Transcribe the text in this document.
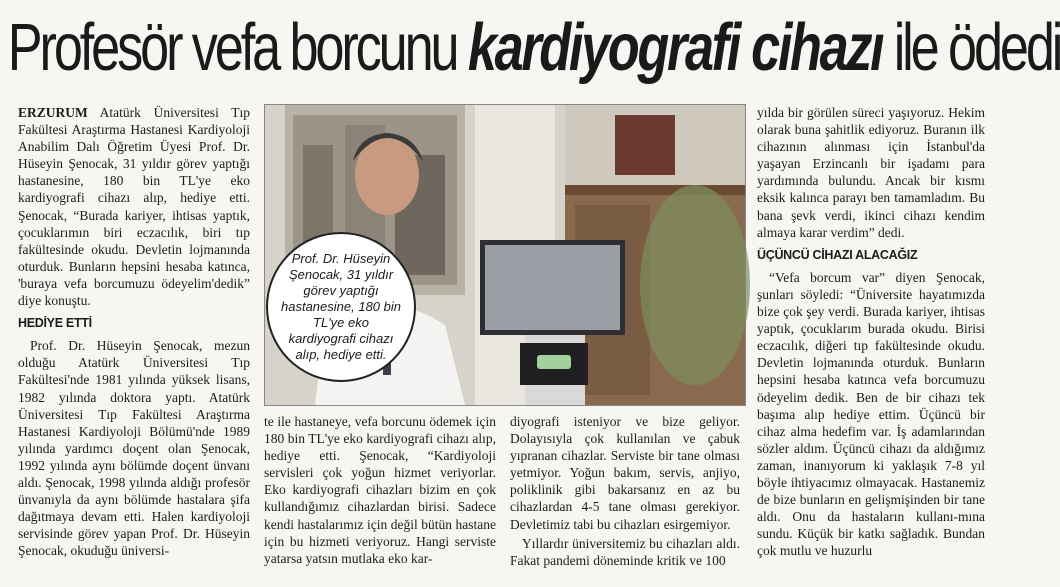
Profesör vefa borcunu kardiyografi cihazı ile ödedi

ERZURUM Atatürk Üniversitesi Tıp Fakültesi Araştırma Hastanesi Kardiyoloji Anabilim Dalı Öğretim Üyesi Prof. Dr. Hüseyin Şenocak, 31 yıldır görev yaptığı hastanesine, 180 bin TL'ye eko kardiyografi cihazı alıp, hediye etti. Şenocak, “Burada kariyer, ihtisas yaptık, çocuklarımın biri eczacılık, biri tıp fakültesinde okudu. Devletin lojmanında oturduk. Bunların hepsini hesaba katınca, 'buraya vefa borcumuzu ödeyelim'dedik” diye konuştu.

HEDİYE ETTİ

Prof. Dr. Hüseyin Şenocak, mezun olduğu Atatürk Üniversitesi Tıp Fakültesi'nde 1981 yılında yüksek lisans, 1982 yılında doktora yaptı. Atatürk Üniversitesi Tıp Fakültesi Araştırma Hastanesi Kardiyoloji Bölümü'nde 1989 yılında yardımcı doçent olan Şenocak, 1992 yılında aynı bölümde doçent ünvanı aldı. Şenocak, 1998 yılında aldığı profesör ünvanıyla da aynı bölümde hastalara şifa dağıtmaya devam etti. Halen kardiyoloji servisinde görev yapan Prof. Dr. Hüseyin Şenocak, okuduğu üniversi-

Prof. Dr. Hüseyin Şenocak, 31 yıldır görev yaptığı hastanesine, 180 bin TL'ye eko kardiyografi cihazı alıp, hediye etti.

te ile hastaneye, vefa borcunu ödemek için 180 bin TL'ye eko kardiyografi cihazı alıp, hediye etti. Şenocak, “Kardiyoloji servisleri çok yoğun hizmet veriyorlar. Eko kardiyografi cihazları bizim en çok kullandığımız cihazlardan birisi. Sadece kendi hastalarımız için değil bütün hastane için bu hizmeti veriyoruz. Hangi serviste yatarsa yatsın mutlaka eko kar-

diyografi isteniyor ve bize geliyor. Dolayısıyla çok kullanılan ve çabuk yıpranan cihazlar. Serviste bir tane olması yetmiyor. Yoğun bakım, servis, anjiyo, poliklinik gibi bakarsanız en az bu cihazlardan 4-5 tane olması gerekiyor. Devletimiz tabi bu cihazları esirgemiyor.

Yıllardır üniversitemiz bu cihazları aldı. Fakat pandemi döneminde kritik ve 100

yılda bir görülen süreci yaşıyoruz. Hekim olarak buna şahitlik ediyoruz. Buranın ilk cihazının alınması için İstanbul'da yaşayan Erzincanlı bir işadamı para yardımında bulundu. Ancak bir kısmı eksik kalınca parayı ben tamamladım. Bu bana şevk verdi, ikinci cihazı kendim almaya karar verdim” dedi.

ÜÇÜNCÜ CİHAZI ALACAĞIZ

“Vefa borcum var” diyen Şenocak, şunları söyledi: “Üniversite hayatımızda bize çok şey verdi. Burada kariyer, ihtisas yaptık, çocuklarım burada okudu. Birisi eczacılık, diğeri tıp fakültesinde okudu. Devletin lojmanında oturduk. Bunların hepsini hesaba katınca vefa borcumuzu ödeyelim dedik. Ben de bir cihazı tek başıma alıp hediye ettim. Üçüncü bir cihaz alma hedefim var. İş adamlarından sözler aldım. Üçüncü cihazı da aldığımız zaman, inanıyorum ki yaklaşık 7-8 yıl böyle ihtiyacımız olmayacak. Hastanemiz de bize bunların en gelişmişinden bir tane aldı. Onu da hastaların kullanı-mına sundu. Küçük bir katkı sağladık. Bundan çok mutlu ve huzurlu
